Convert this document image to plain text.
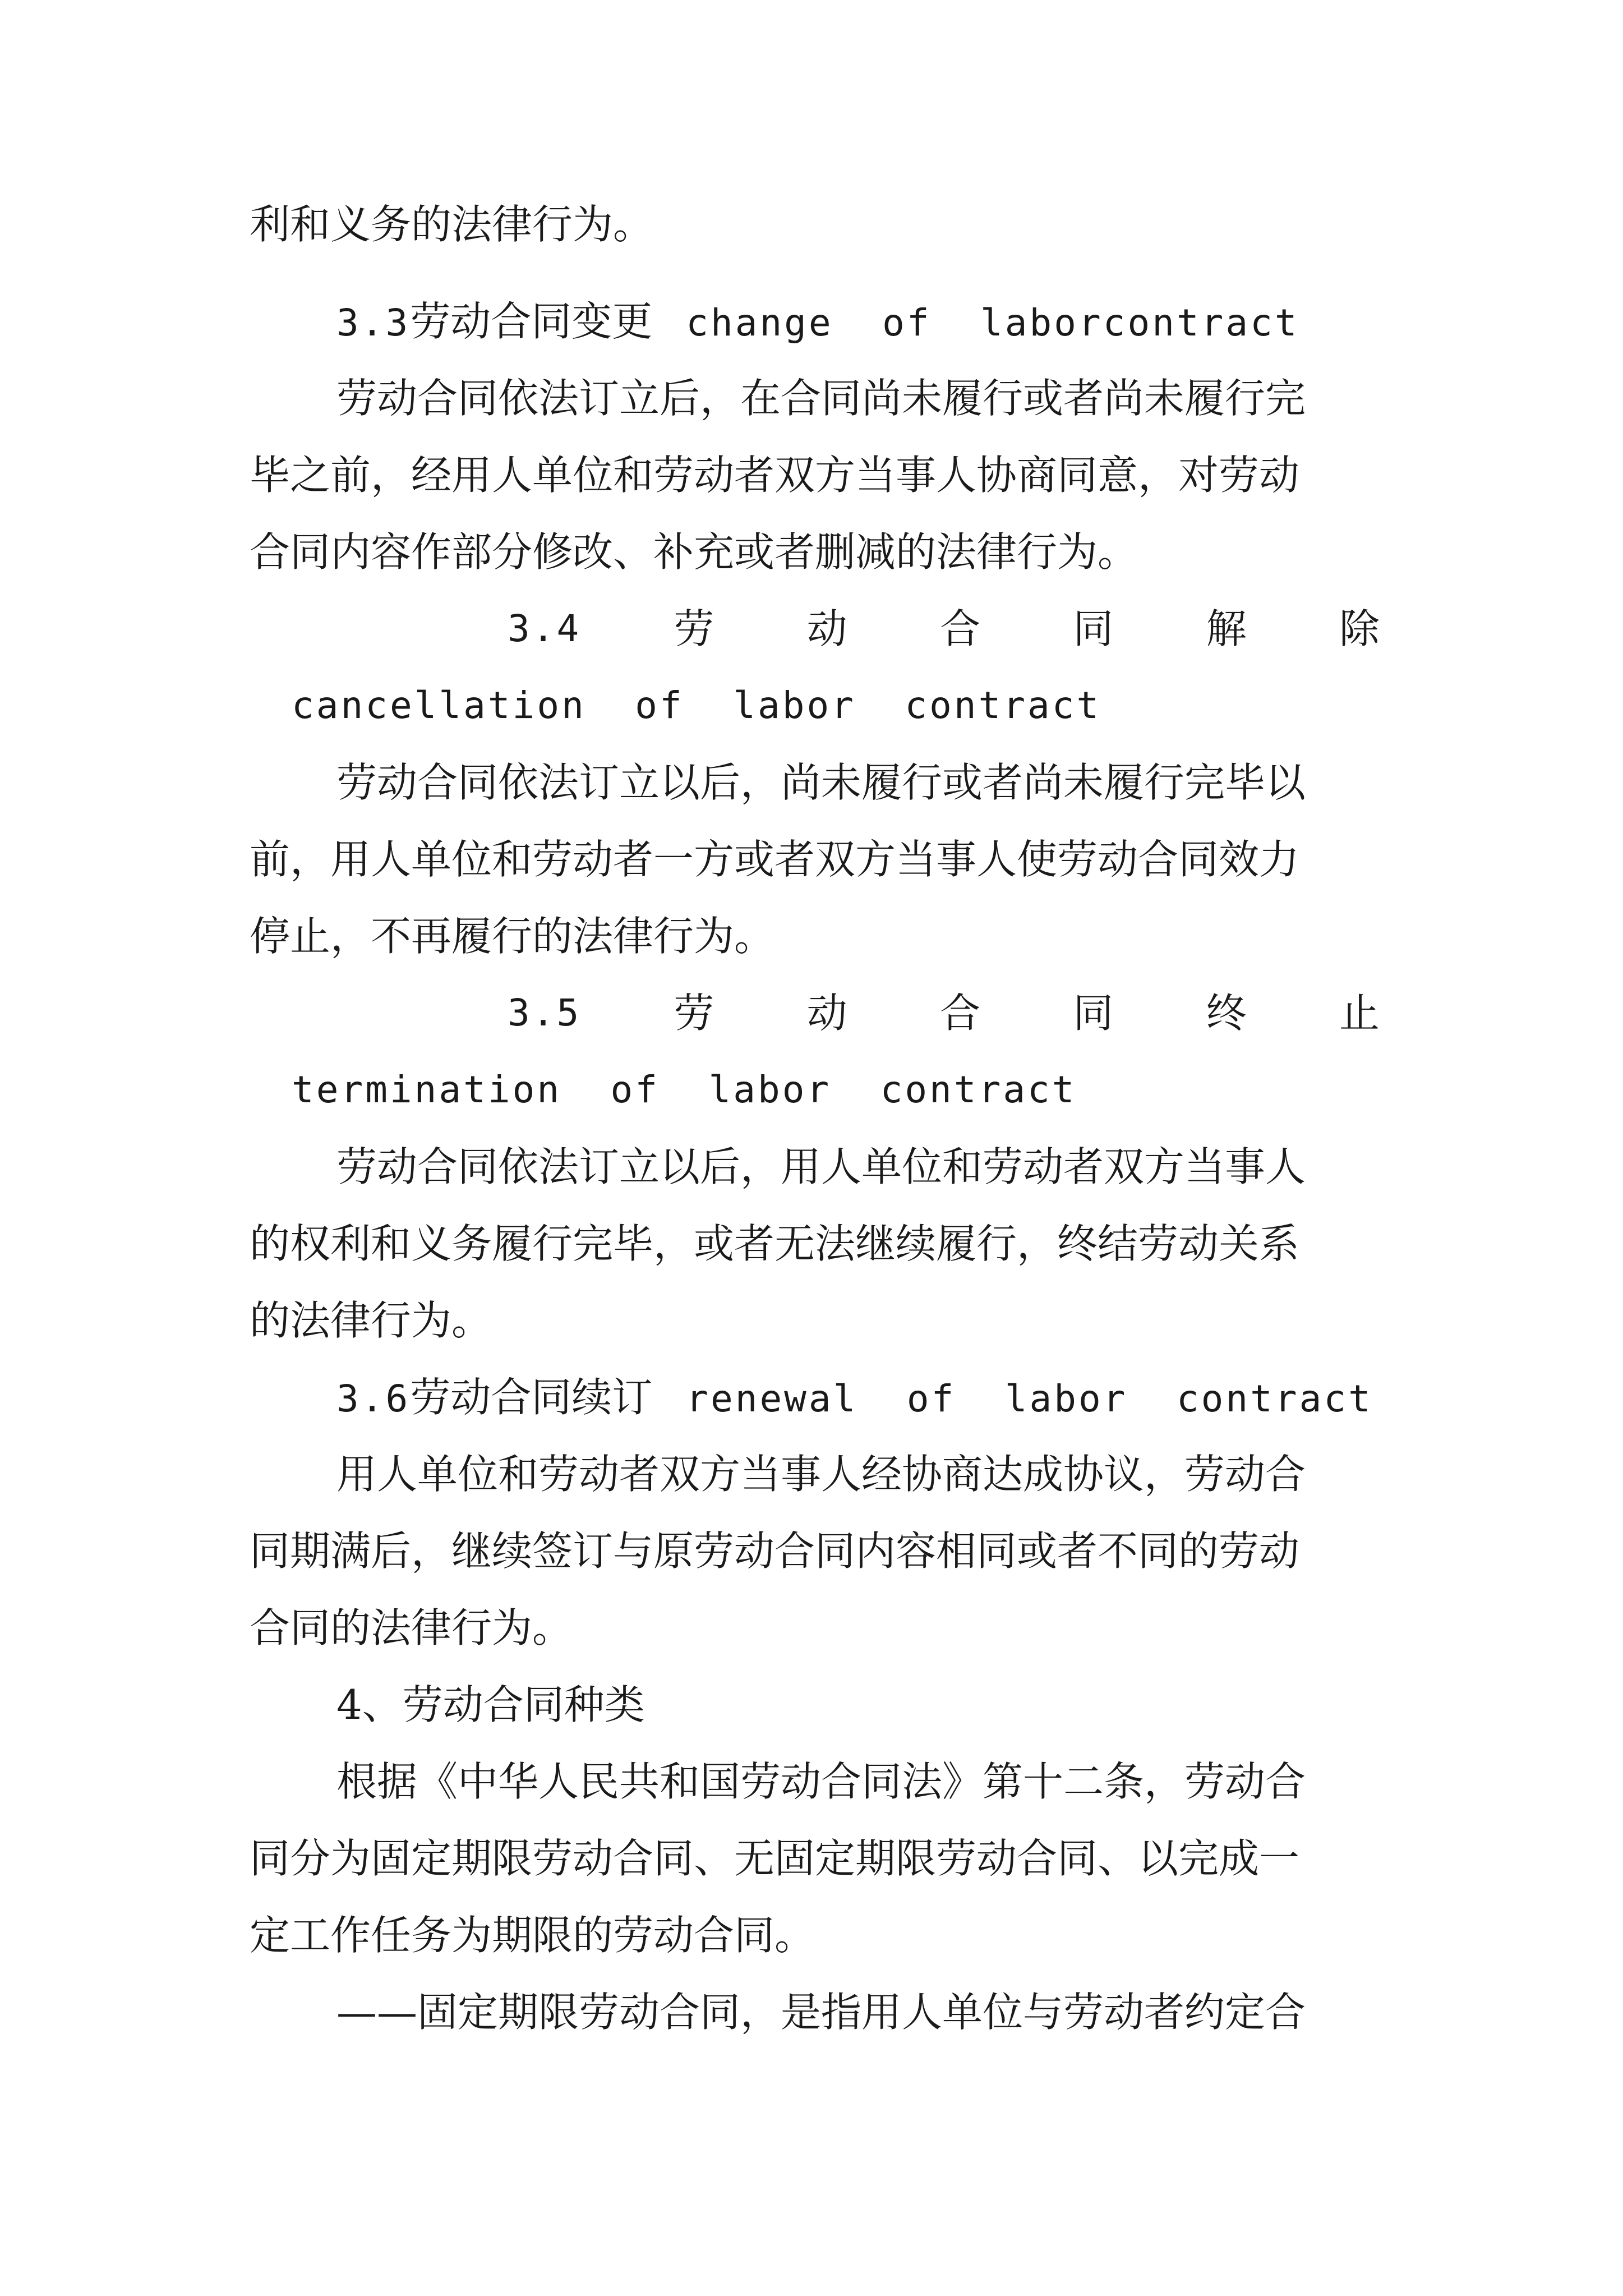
利和义务的法律行为。
3.3劳动合同变更 change  of  laborcontract
劳动合同依法订立后，在合同尚未履行或者尚未履行完
毕之前，经用人单位和劳动者双方当事人协商同意，对劳动
合同内容作部分修改、补充或者删减的法律行为。
3.4 劳 动 合 同 解 除
cancellation  of  labor  contract
劳动合同依法订立以后，尚未履行或者尚未履行完毕以
前，用人单位和劳动者一方或者双方当事人使劳动合同效力
停止，不再履行的法律行为。
3.5 劳 动 合 同 终 止
termination  of  labor  contract
劳动合同依法订立以后，用人单位和劳动者双方当事人
的权利和义务履行完毕，或者无法继续履行，终结劳动关系
的法律行为。
3.6劳动合同续订 renewal  of  labor  contract
用人单位和劳动者双方当事人经协商达成协议，劳动合
同期满后，继续签订与原劳动合同内容相同或者不同的劳动
合同的法律行为。
4、劳动合同种类
根据《中华人民共和国劳动合同法》第十二条，劳动合
同分为固定期限劳动合同、无固定期限劳动合同、以完成一
定工作任务为期限的劳动合同。
——固定期限劳动合同，是指用人单位与劳动者约定合
